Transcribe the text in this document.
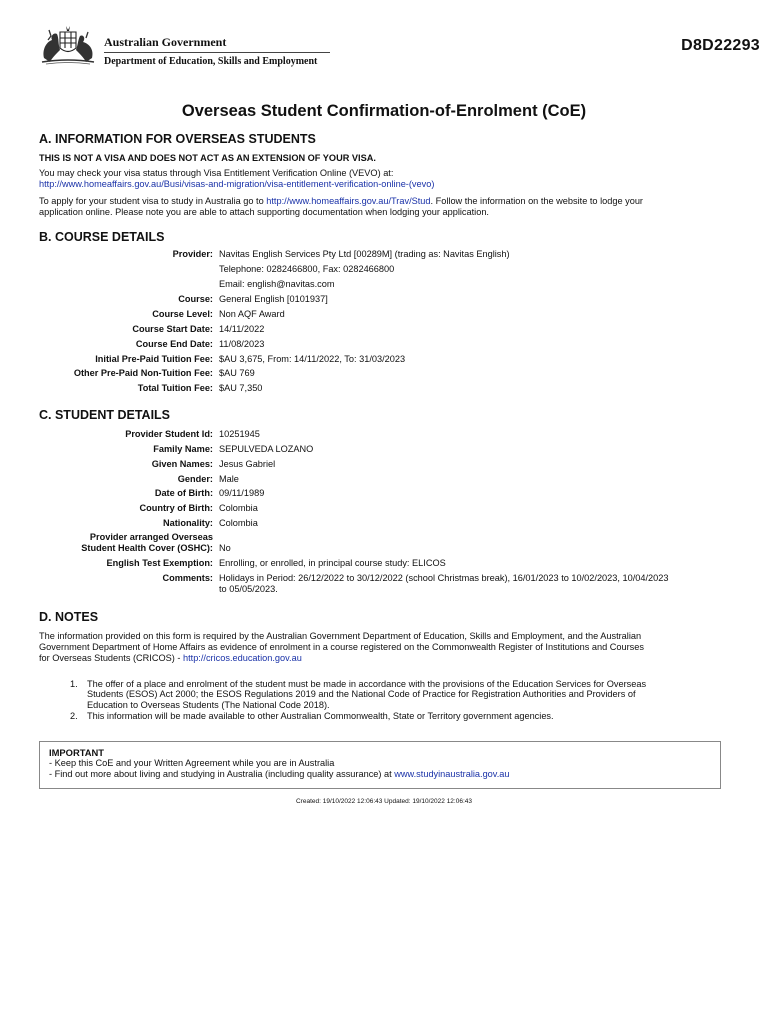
Australian Government
Department of Education, Skills and Employment
D8D22293
Overseas Student Confirmation-of-Enrolment (CoE)
A. INFORMATION FOR OVERSEAS STUDENTS
THIS IS NOT A VISA AND DOES NOT ACT AS AN EXTENSION OF YOUR VISA.
You may check your visa status through Visa Entitlement Verification Online (VEVO) at:
http://www.homeaffairs.gov.au/Busi/visas-and-migration/visa-entitlement-verification-online-(vevo)
To apply for your student visa to study in Australia go to http://www.homeaffairs.gov.au/Trav/Stud. Follow the information on the website to lodge your
application online. Please note you are able to attach supporting documentation when lodging your application.
B. COURSE DETAILS
Provider: Navitas English Services Pty Ltd [00289M] (trading as: Navitas English)
Telephone: 0282466800, Fax: 0282466800
Email: english@navitas.com
Course: General English [0101937]
Course Level: Non AQF Award
Course Start Date: 14/11/2022
Course End Date: 11/08/2023
Initial Pre-Paid Tuition Fee: $AU 3,675, From: 14/11/2022, To: 31/03/2023
Other Pre-Paid Non-Tuition Fee: $AU 769
Total Tuition Fee: $AU 7,350
C. STUDENT DETAILS
Provider Student Id: 10251945
Family Name: SEPULVEDA LOZANO
Given Names: Jesus Gabriel
Gender: Male
Date of Birth: 09/11/1989
Country of Birth: Colombia
Nationality: Colombia
Provider arranged Overseas
Student Health Cover (OSHC): No
English Test Exemption: Enrolling, or enrolled, in principal course study: ELICOS
Comments: Holidays in Period: 26/12/2022 to 30/12/2022 (school Christmas break), 16/01/2023 to 10/02/2023, 10/04/2023
to 05/05/2023.
D. NOTES
The information provided on this form is required by the Australian Government Department of Education, Skills and Employment, and the Australian
Government Department of Home Affairs as evidence of enrolment in a course registered on the Commonwealth Register of Institutions and Courses
for Overseas Students (CRICOS) - http://cricos.education.gov.au
1. The offer of a place and enrolment of the student must be made in accordance with the provisions of the Education Services for Overseas
Students (ESOS) Act 2000; the ESOS Regulations 2019 and the National Code of Practice for Registration Authorities and Providers of
Education to Overseas Students (The National Code 2018).
2. This information will be made available to other Australian Commonwealth, State or Territory government agencies.
IMPORTANT
- Keep this CoE and your Written Agreement while you are in Australia
- Find out more about living and studying in Australia (including quality assurance) at www.studyinaustralia.gov.au
Created: 19/10/2022 12:06:43 Updated: 19/10/2022 12:06:43
